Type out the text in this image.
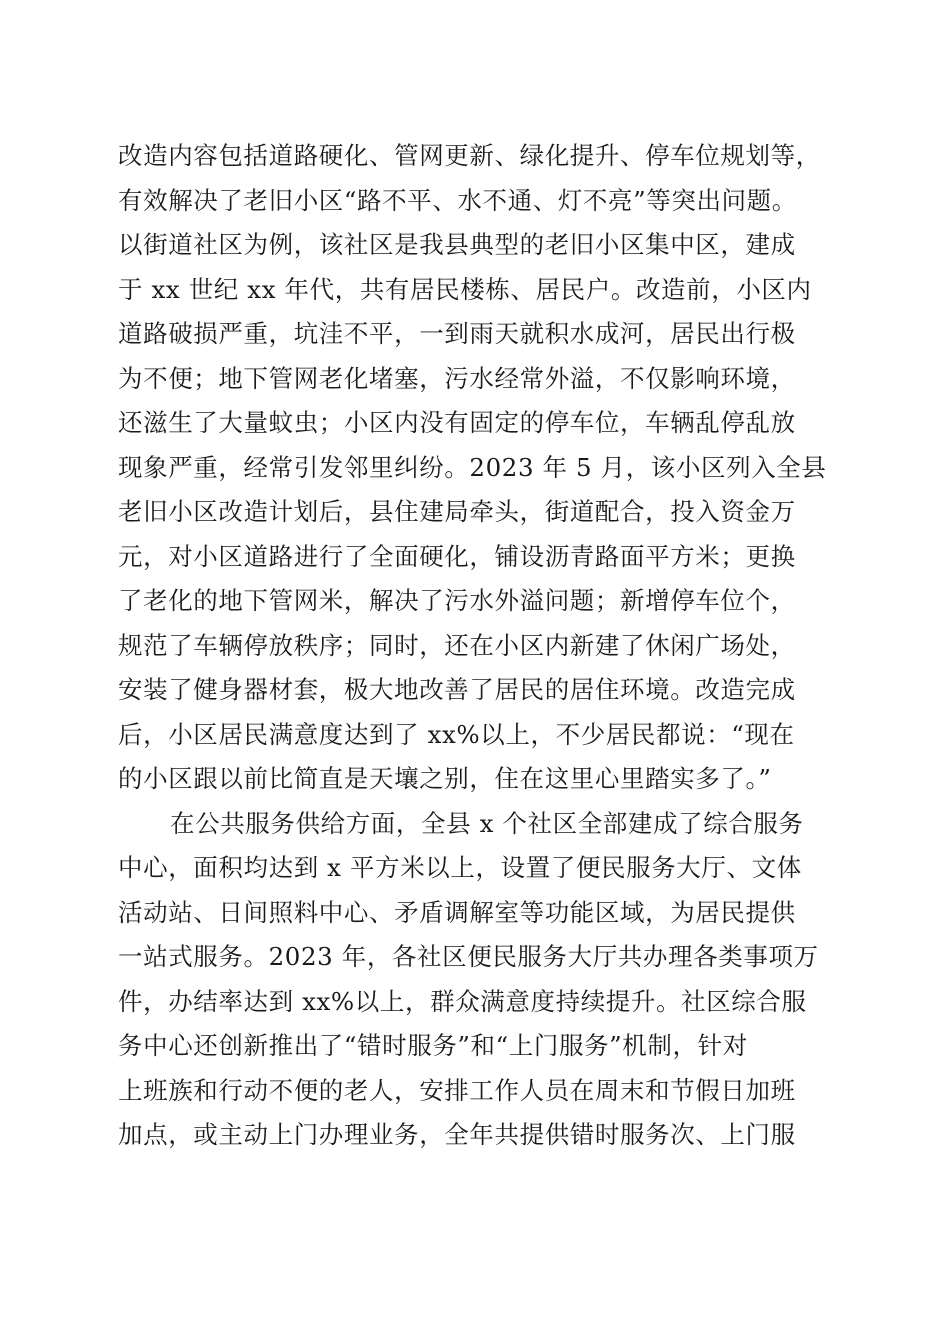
改造内容包括道路硬化、管网更新、绿化提升、停车位规划等，
有效解决了老旧小区“路不平、水不通、灯不亮”等突出问题。
以街道社区为例，该社区是我县典型的老旧小区集中区，建成
于 xx 世纪 xx 年代，共有居民楼栋、居民户。改造前，小区内
道路破损严重，坑洼不平，一到雨天就积水成河，居民出行极
为不便；地下管网老化堵塞，污水经常外溢，不仅影响环境，
还滋生了大量蚊虫；小区内没有固定的停车位，车辆乱停乱放
现象严重，经常引发邻里纠纷。2023 年 5 月，该小区列入全县
老旧小区改造计划后，县住建局牵头，街道配合，投入资金万
元，对小区道路进行了全面硬化，铺设沥青路面平方米；更换
了老化的地下管网米，解决了污水外溢问题；新增停车位个，
规范了车辆停放秩序；同时，还在小区内新建了休闲广场处，
安装了健身器材套，极大地改善了居民的居住环境。改造完成
后，小区居民满意度达到了 xx%以上，不少居民都说：“现在
的小区跟以前比简直是天壤之别，住在这里心里踏实多了。”
在公共服务供给方面，全县 x 个社区全部建成了综合服务
中心，面积均达到 x 平方米以上，设置了便民服务大厅、文体
活动站、日间照料中心、矛盾调解室等功能区域，为居民提供
一站式服务。2023 年，各社区便民服务大厅共办理各类事项万
件，办结率达到 xx%以上，群众满意度持续提升。社区综合服
务中心还创新推出了“错时服务”和“上门服务”机制，针对
上班族和行动不便的老人，安排工作人员在周末和节假日加班
加点，或主动上门办理业务，全年共提供错时服务次、上门服
